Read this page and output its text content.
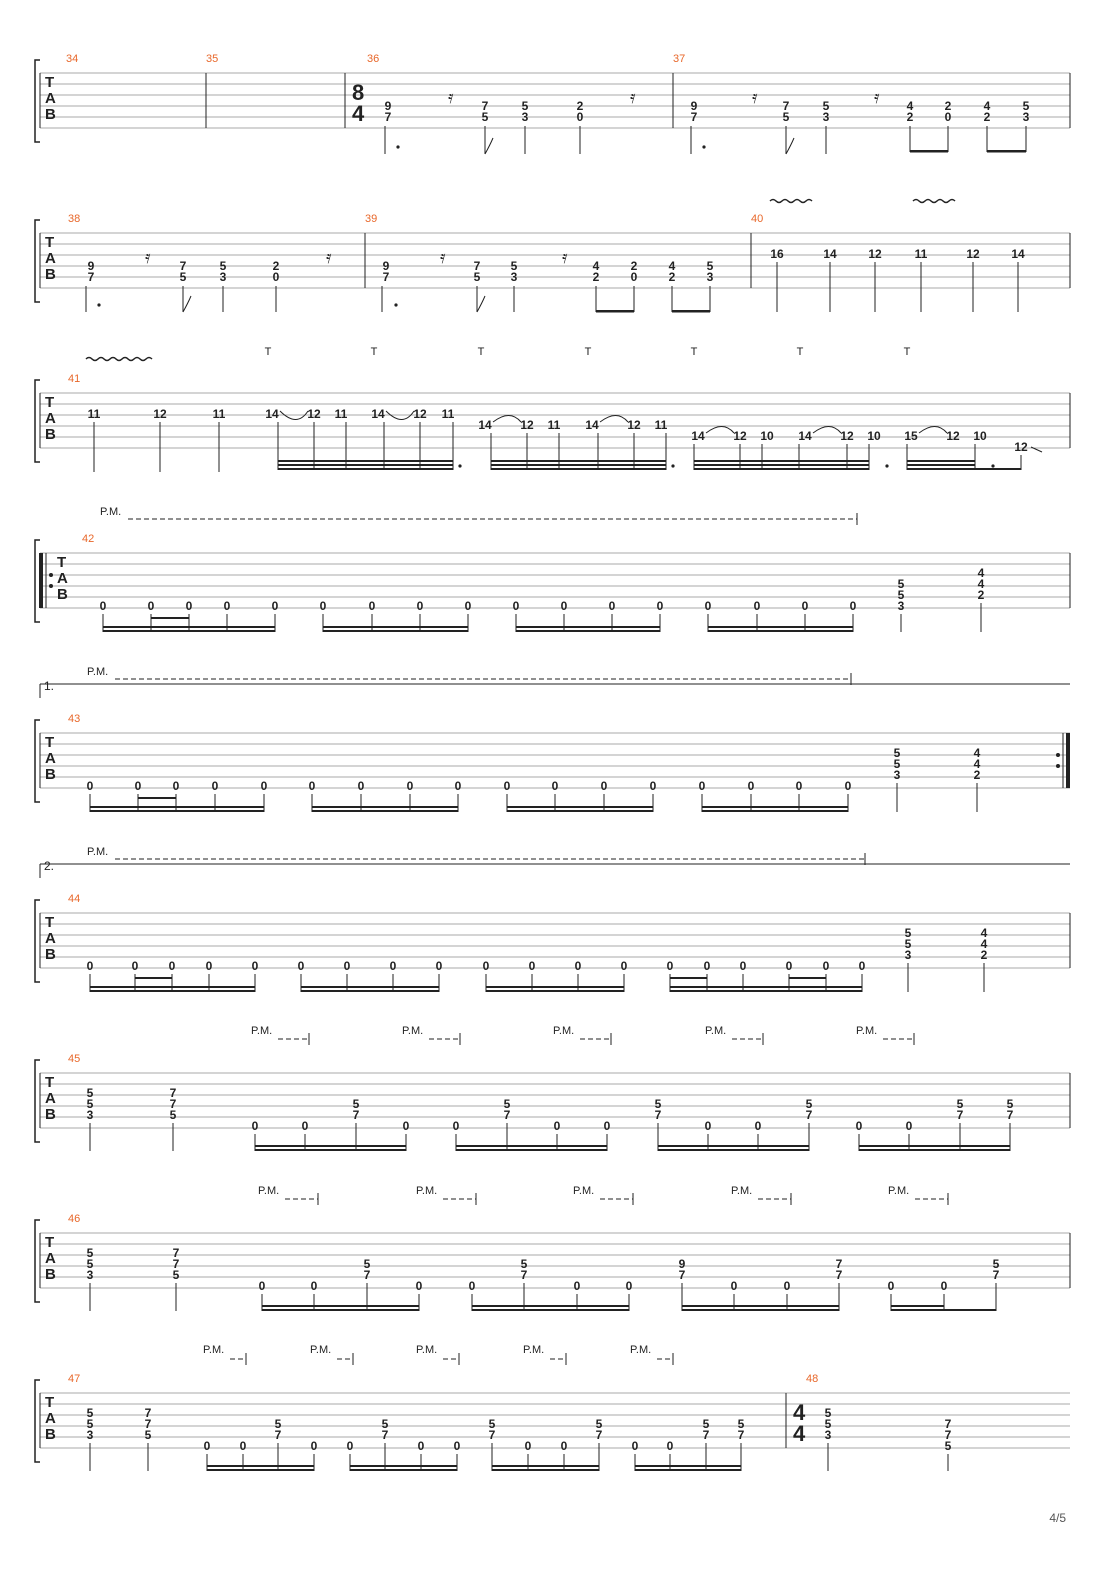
T
A
B
34	35	36	37
8
4 9
7
7
5
5
3
2
0
9
7
7
5
5
3
4
2
2
0
4
2
5
3
𝄿	𝄿	𝄿	𝄿
T
A
B
38	39	40
9
7
7
5
5
3
2
0
9
7
7
5
5
3
4
2
2
0
4
2
5
3
16	14	12	11	12	14
𝄿	𝄿	𝄿	𝄿
T	T	T	T	T	T	T
T
A
B
41
11	12	11	14 12 11 14 12 11
14 12 11 14 12 11
14 12 10 14 12 10 15 12 10
12
P.M.
T
A
B
42
0	0	0	0	0	0	0	0	0	0	0	0	0	0	0	0	0
5
5
3
4
4
2
P.M.
1.
T
A
B
43
0	0	0	0	0	0	0	0	0	0	0	0	0	0	0	0	0
5
5
3
4
4
2
P.M.
2.
T
A
B
44
0	0	0	0	0	0	0	0	0	0	0	0	0	0	0 0	0	0 0
5
5
3
4
4
2
P.M.	P.M.	P.M.	P.M.	P.M.
T
A
B
45
5
5
3
7
7
5
0	0
5
7
0	0
5
7
0	0
5
7
0	0
5
7
0	0
5
7
5
7
P.M.	P.M.	P.M.	P.M.	P.M.
T
A
B
46
5
5
3
7
7
5
0	0
5
7
0	0
5
7
0	0
9
7
0	0
7
7
0	0
5
7
P.M.	P.M.	P.M.	P.M.	P.M.
T
A
B
47	48
4
4
5
5
3
7
7
5
0 0
5
7
0 0
5
7
0 0
5
7
0 0
5
7
0 0
5
7
5
7
5
5
3
7
7
5
4/5
